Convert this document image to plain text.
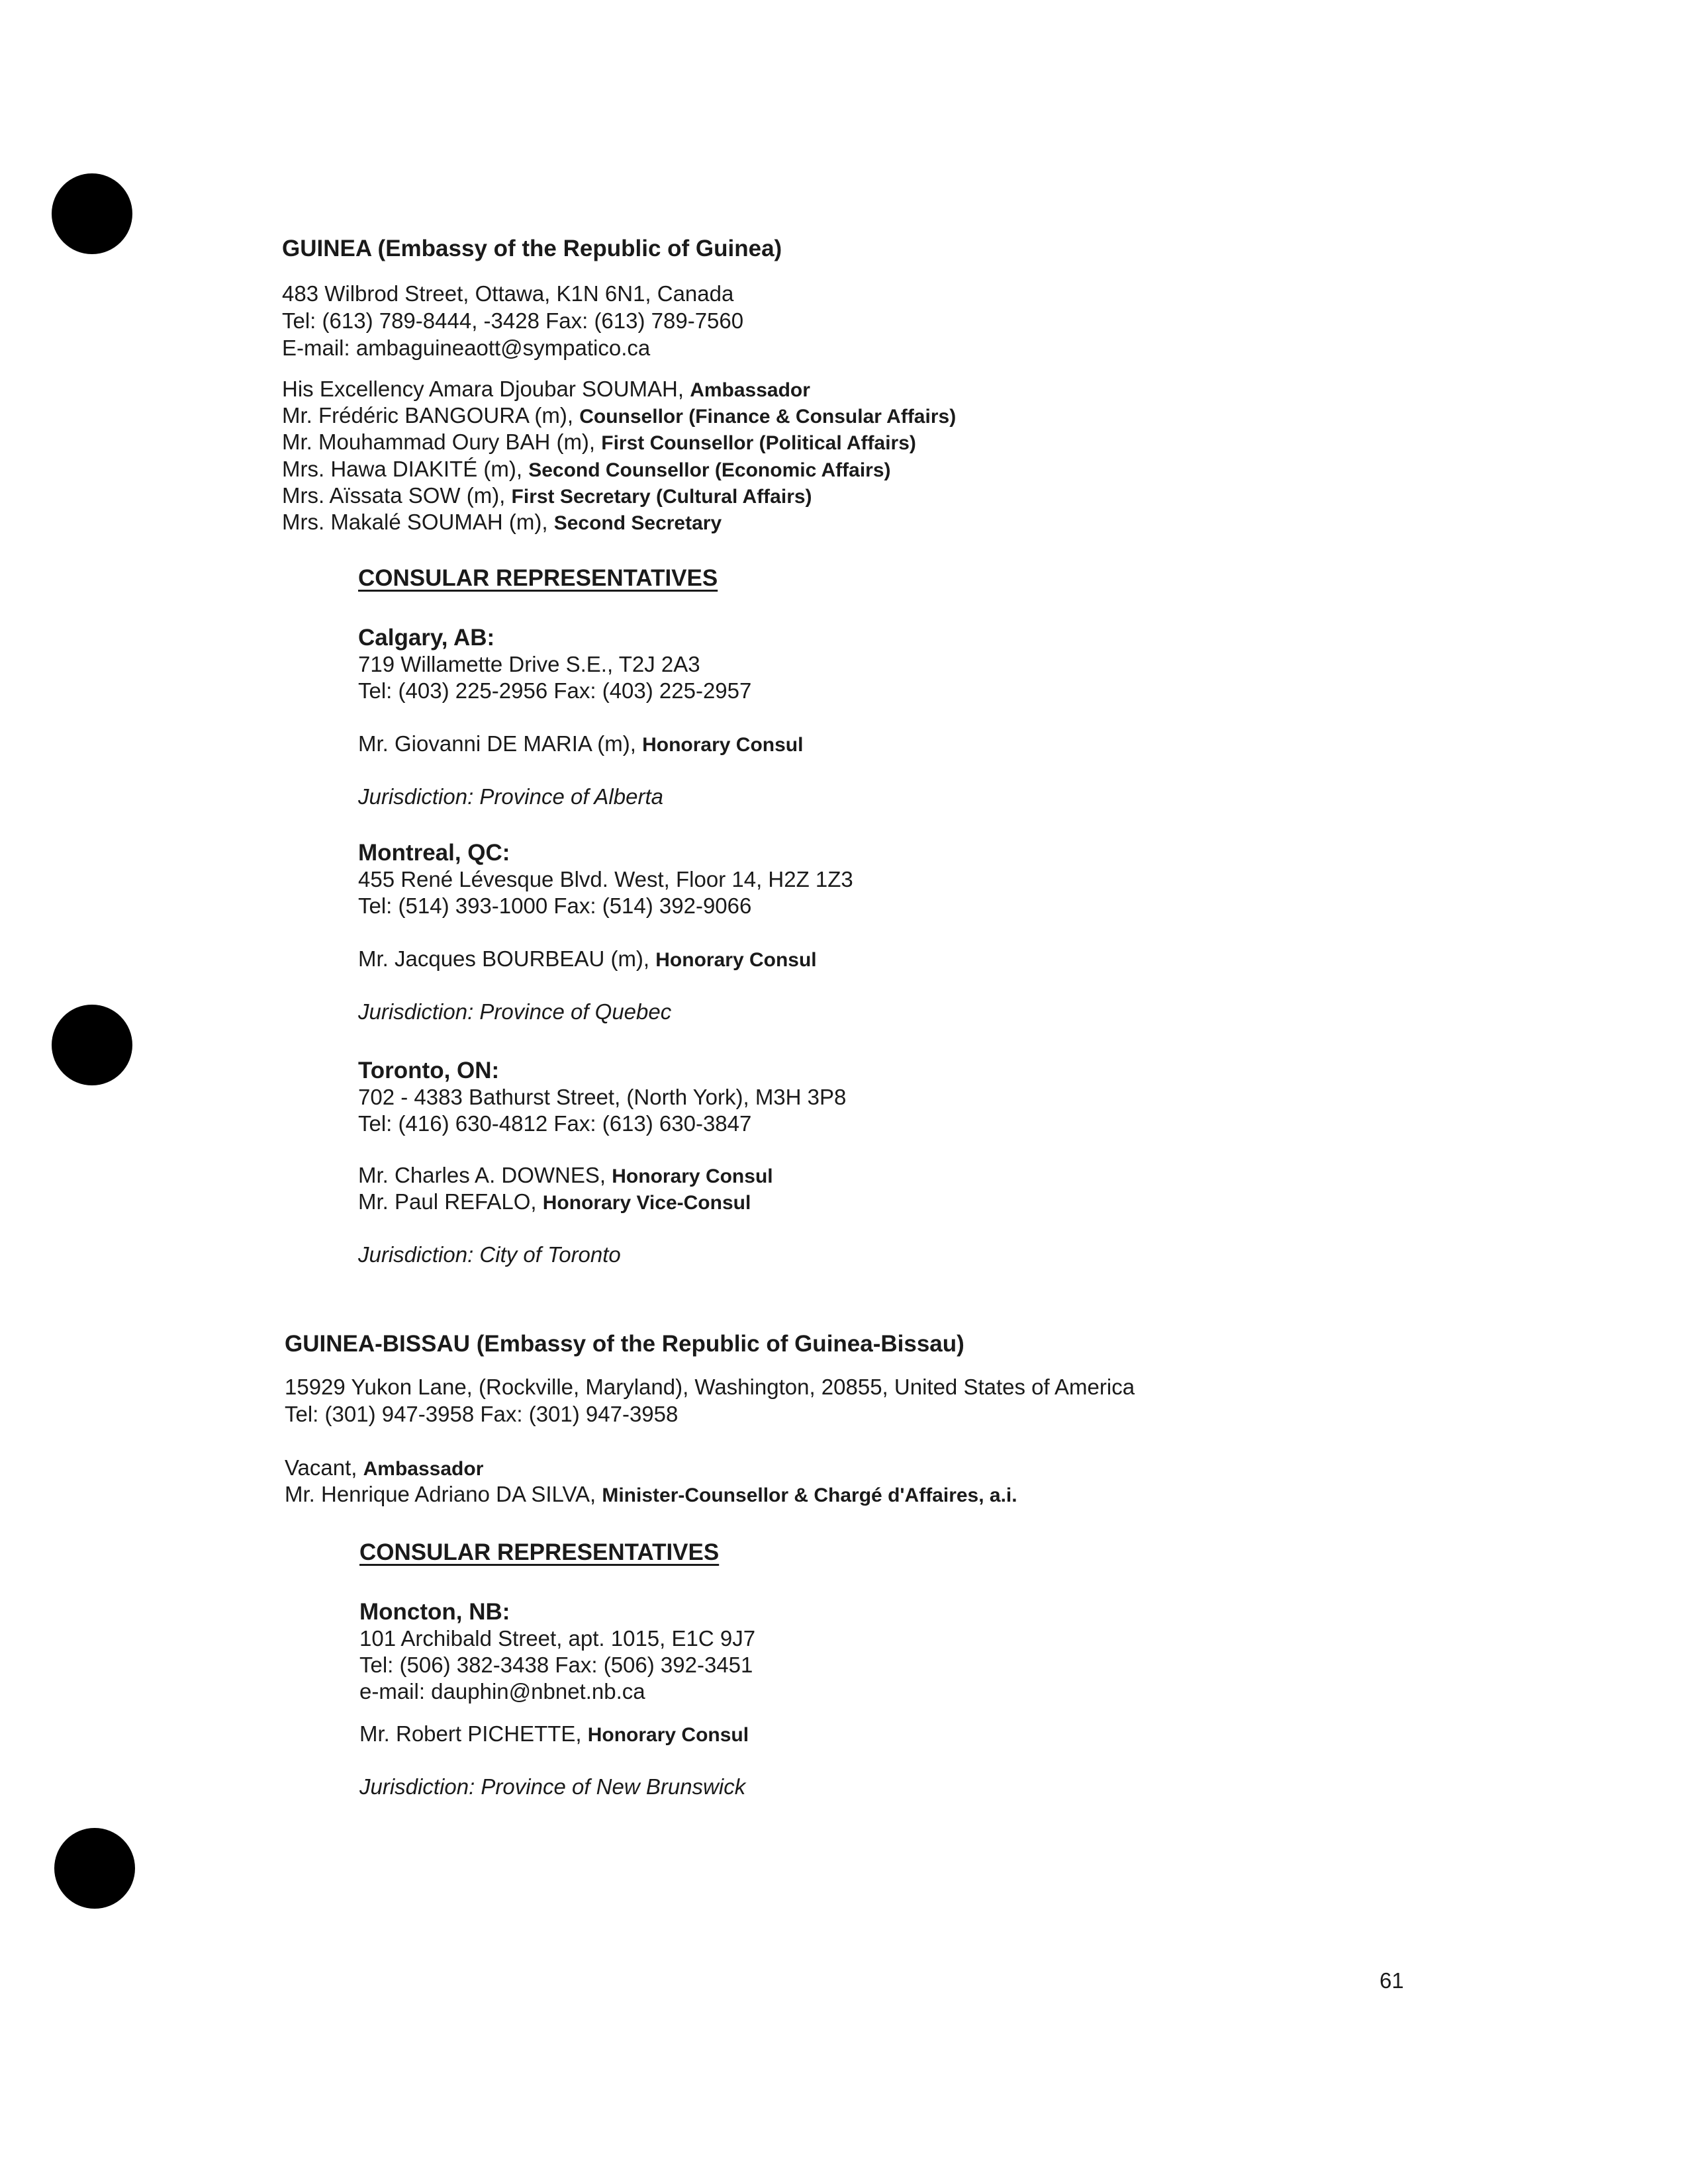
GUINEA (Embassy of the Republic of Guinea)
483 Wilbrod Street, Ottawa, K1N 6N1, Canada
Tel: (613) 789-8444, -3428 Fax: (613) 789-7560
E-mail: ambaguineaott@sympatico.ca
His Excellency Amara Djoubar SOUMAH, Ambassador
Mr. Frédéric BANGOURA (m), Counsellor (Finance & Consular Affairs)
Mr. Mouhammad Oury BAH (m), First Counsellor (Political Affairs)
Mrs. Hawa DIAKITÉ (m), Second Counsellor (Economic Affairs)
Mrs. Aïssata SOW (m), First Secretary (Cultural Affairs)
Mrs. Makalé SOUMAH (m), Second Secretary
CONSULAR REPRESENTATIVES
Calgary, AB:
719 Willamette Drive S.E., T2J 2A3
Tel: (403) 225-2956 Fax: (403) 225-2957
Mr. Giovanni DE MARIA (m), Honorary Consul
Jurisdiction: Province of Alberta
Montreal, QC:
455 René Lévesque Blvd. West, Floor 14, H2Z 1Z3
Tel: (514) 393-1000 Fax: (514) 392-9066
Mr. Jacques BOURBEAU (m), Honorary Consul
Jurisdiction: Province of Quebec
Toronto, ON:
702 - 4383 Bathurst Street, (North York), M3H 3P8
Tel: (416) 630-4812 Fax: (613) 630-3847
Mr. Charles A. DOWNES, Honorary Consul
Mr. Paul REFALO, Honorary Vice-Consul
Jurisdiction: City of Toronto
GUINEA-BISSAU (Embassy of the Republic of Guinea-Bissau)
15929 Yukon Lane, (Rockville, Maryland), Washington, 20855, United States of America
Tel: (301) 947-3958 Fax: (301) 947-3958
Vacant, Ambassador
Mr. Henrique Adriano DA SILVA, Minister-Counsellor & Chargé d'Affaires, a.i.
CONSULAR REPRESENTATIVES
Moncton, NB:
101 Archibald Street, apt. 1015, E1C 9J7
Tel: (506) 382-3438 Fax: (506) 392-3451
e-mail: dauphin@nbnet.nb.ca
Mr. Robert PICHETTE, Honorary Consul
Jurisdiction: Province of New Brunswick
61
